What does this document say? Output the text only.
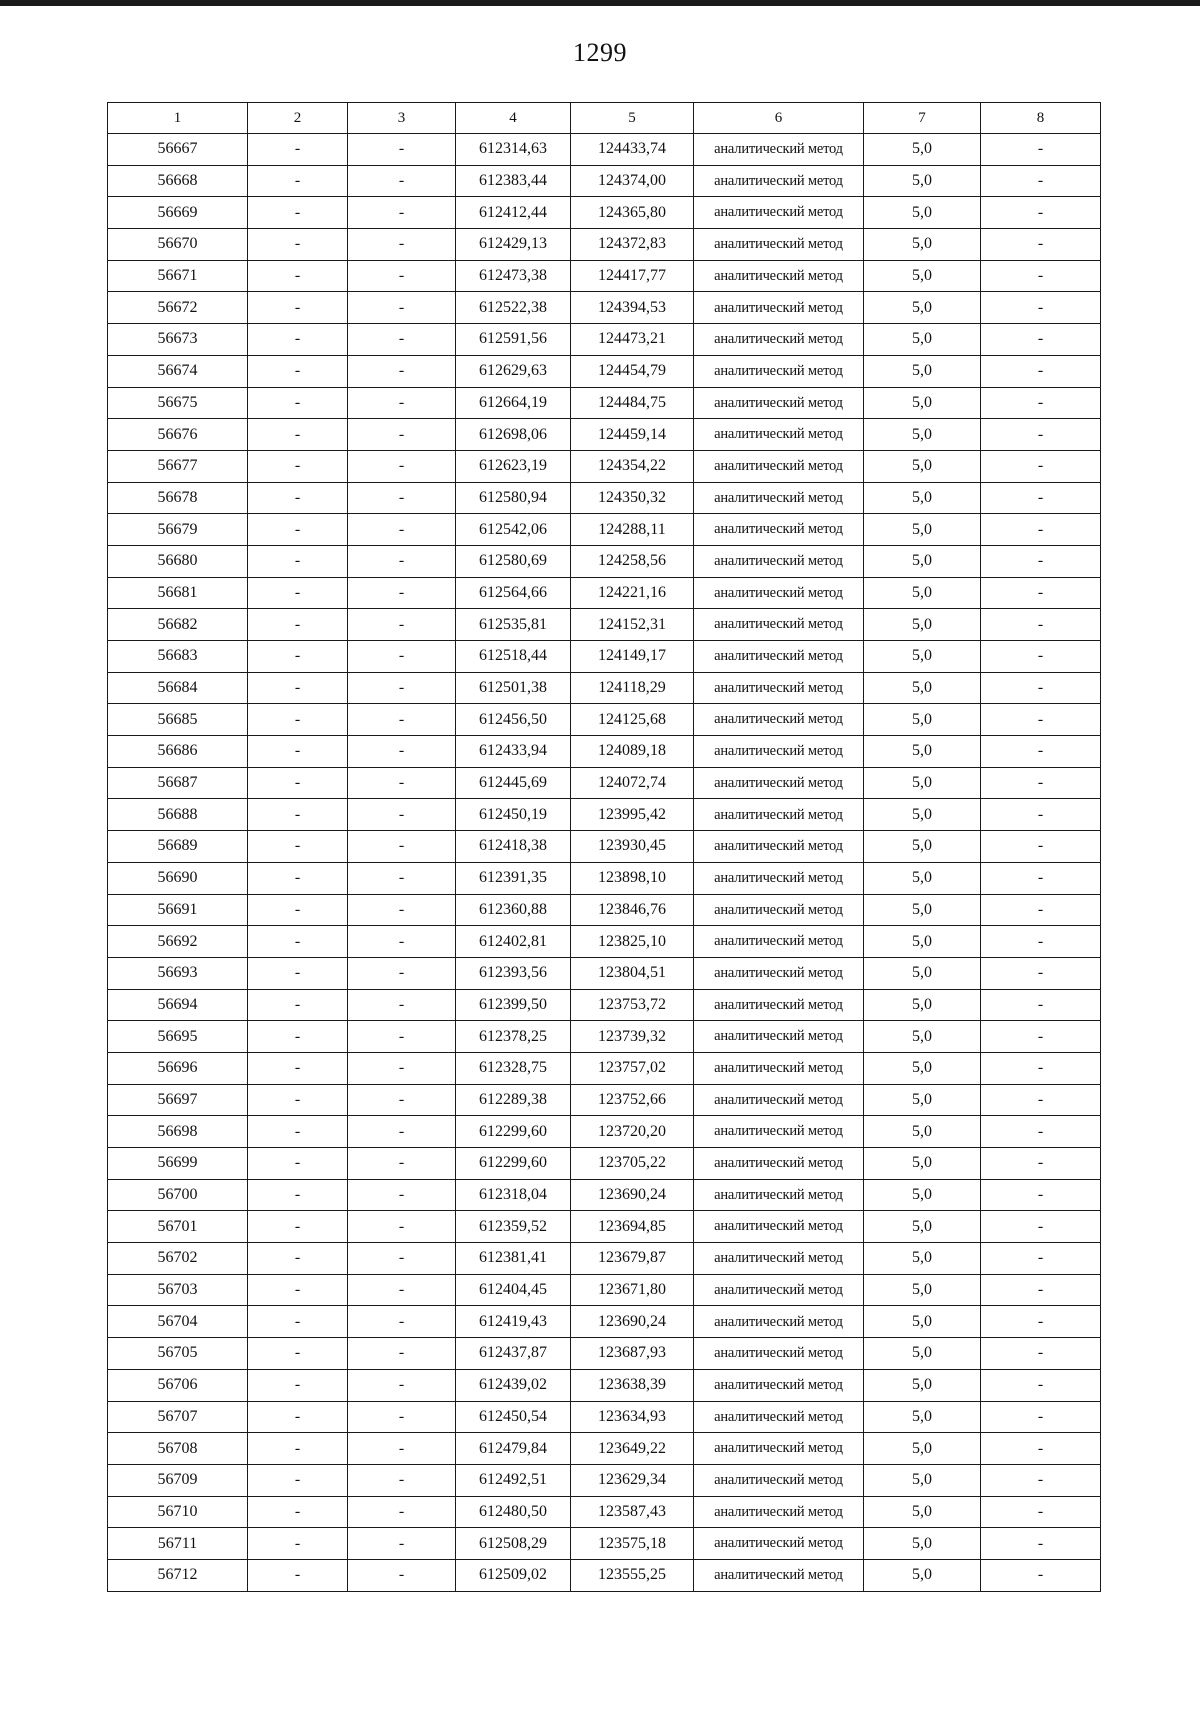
1299
1	2	3	4	5	6	7	8
56667	-	-	612314,63	124433,74	аналитический метод	5,0	-
56668	-	-	612383,44	124374,00	аналитический метод	5,0	-
56669	-	-	612412,44	124365,80	аналитический метод	5,0	-
56670	-	-	612429,13	124372,83	аналитический метод	5,0	-
56671	-	-	612473,38	124417,77	аналитический метод	5,0	-
56672	-	-	612522,38	124394,53	аналитический метод	5,0	-
56673	-	-	612591,56	124473,21	аналитический метод	5,0	-
56674	-	-	612629,63	124454,79	аналитический метод	5,0	-
56675	-	-	612664,19	124484,75	аналитический метод	5,0	-
56676	-	-	612698,06	124459,14	аналитический метод	5,0	-
56677	-	-	612623,19	124354,22	аналитический метод	5,0	-
56678	-	-	612580,94	124350,32	аналитический метод	5,0	-
56679	-	-	612542,06	124288,11	аналитический метод	5,0	-
56680	-	-	612580,69	124258,56	аналитический метод	5,0	-
56681	-	-	612564,66	124221,16	аналитический метод	5,0	-
56682	-	-	612535,81	124152,31	аналитический метод	5,0	-
56683	-	-	612518,44	124149,17	аналитический метод	5,0	-
56684	-	-	612501,38	124118,29	аналитический метод	5,0	-
56685	-	-	612456,50	124125,68	аналитический метод	5,0	-
56686	-	-	612433,94	124089,18	аналитический метод	5,0	-
56687	-	-	612445,69	124072,74	аналитический метод	5,0	-
56688	-	-	612450,19	123995,42	аналитический метод	5,0	-
56689	-	-	612418,38	123930,45	аналитический метод	5,0	-
56690	-	-	612391,35	123898,10	аналитический метод	5,0	-
56691	-	-	612360,88	123846,76	аналитический метод	5,0	-
56692	-	-	612402,81	123825,10	аналитический метод	5,0	-
56693	-	-	612393,56	123804,51	аналитический метод	5,0	-
56694	-	-	612399,50	123753,72	аналитический метод	5,0	-
56695	-	-	612378,25	123739,32	аналитический метод	5,0	-
56696	-	-	612328,75	123757,02	аналитический метод	5,0	-
56697	-	-	612289,38	123752,66	аналитический метод	5,0	-
56698	-	-	612299,60	123720,20	аналитический метод	5,0	-
56699	-	-	612299,60	123705,22	аналитический метод	5,0	-
56700	-	-	612318,04	123690,24	аналитический метод	5,0	-
56701	-	-	612359,52	123694,85	аналитический метод	5,0	-
56702	-	-	612381,41	123679,87	аналитический метод	5,0	-
56703	-	-	612404,45	123671,80	аналитический метод	5,0	-
56704	-	-	612419,43	123690,24	аналитический метод	5,0	-
56705	-	-	612437,87	123687,93	аналитический метод	5,0	-
56706	-	-	612439,02	123638,39	аналитический метод	5,0	-
56707	-	-	612450,54	123634,93	аналитический метод	5,0	-
56708	-	-	612479,84	123649,22	аналитический метод	5,0	-
56709	-	-	612492,51	123629,34	аналитический метод	5,0	-
56710	-	-	612480,50	123587,43	аналитический метод	5,0	-
56711	-	-	612508,29	123575,18	аналитический метод	5,0	-
56712	-	-	612509,02	123555,25	аналитический метод	5,0	-
